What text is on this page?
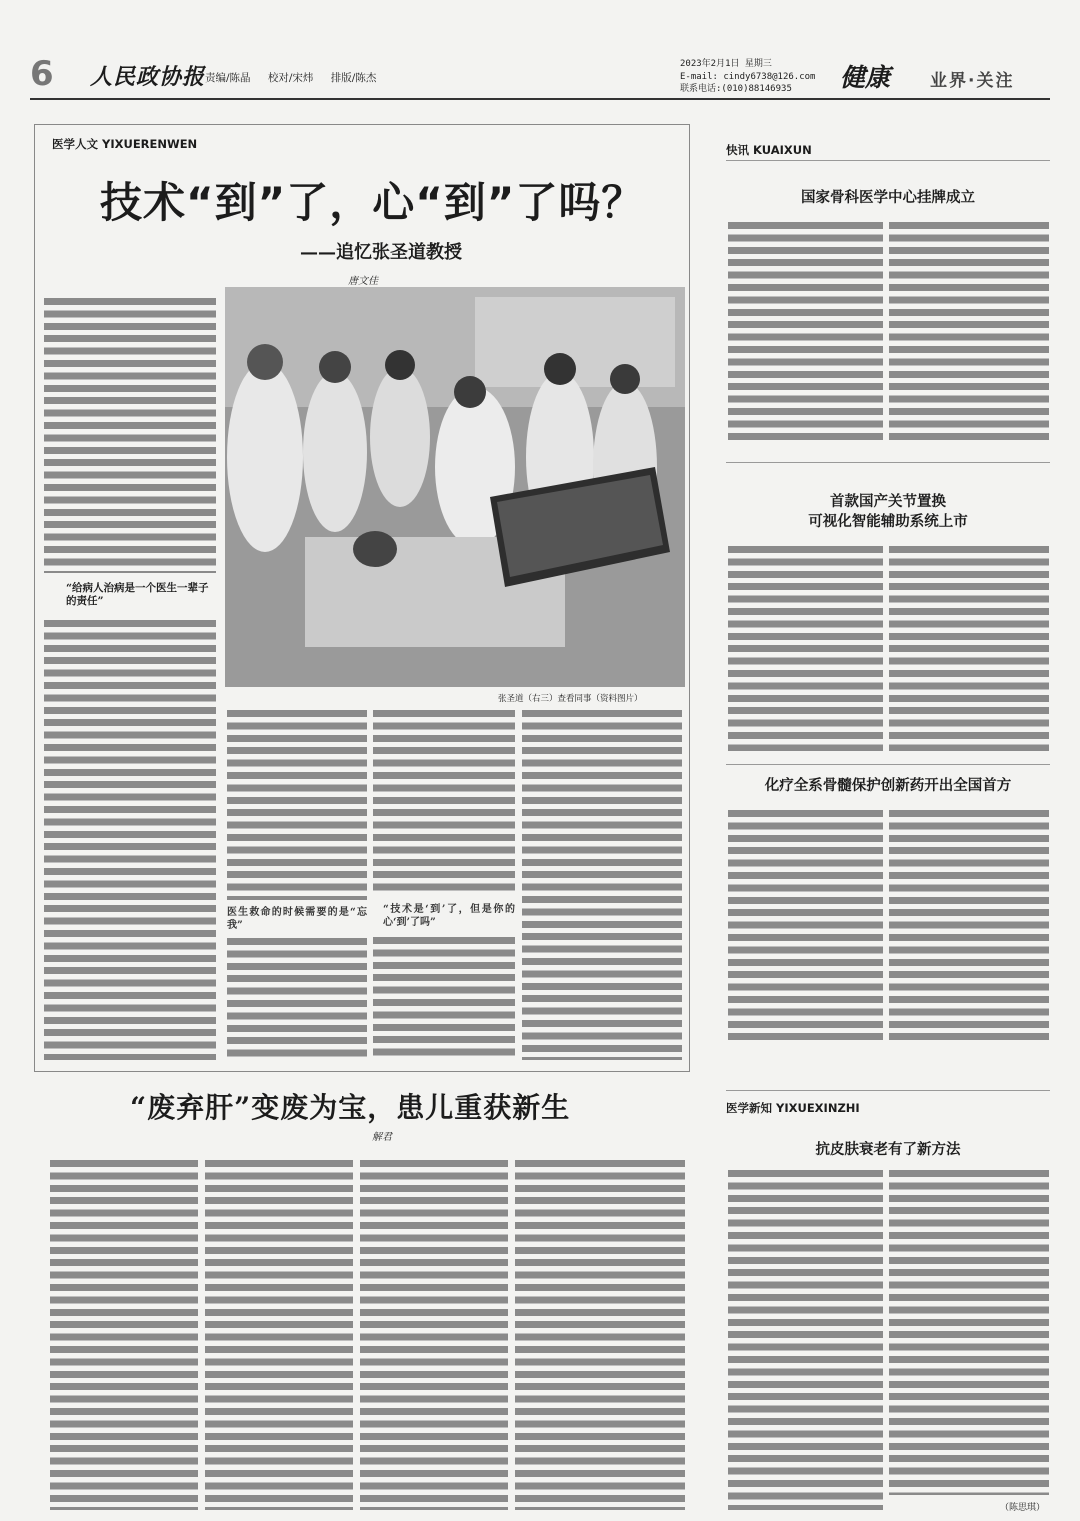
6 人民政协报 责编/陈晶 校对/宋炜 排版/陈杰
2023年2月1日 星期三
E-mail: cindy6738@126.com
联系电话:(010)88146935	健康	业界·关注
医学人文 YIXUERENWEN
技术“到”了，心“到”了吗？
——追忆张圣道教授
唐文佳
“给病人治病是一个医生一辈子的责任”
张圣道（右三）查看同事（资料图片）
医生救命的时候需要的是“忘我”
“技术是‘到’了，但是你的心‘到’了吗”
“废弃肝”变废为宝，患儿重获新生
解君
快讯 KUAIXUN
国家骨科医学中心挂牌成立
首款国产关节置换
可视化智能辅助系统上市
化疗全系骨髓保护创新药开出全国首方
医学新知 YIXUEXINZHI
抗皮肤衰老有了新方法
（陈思琪）
